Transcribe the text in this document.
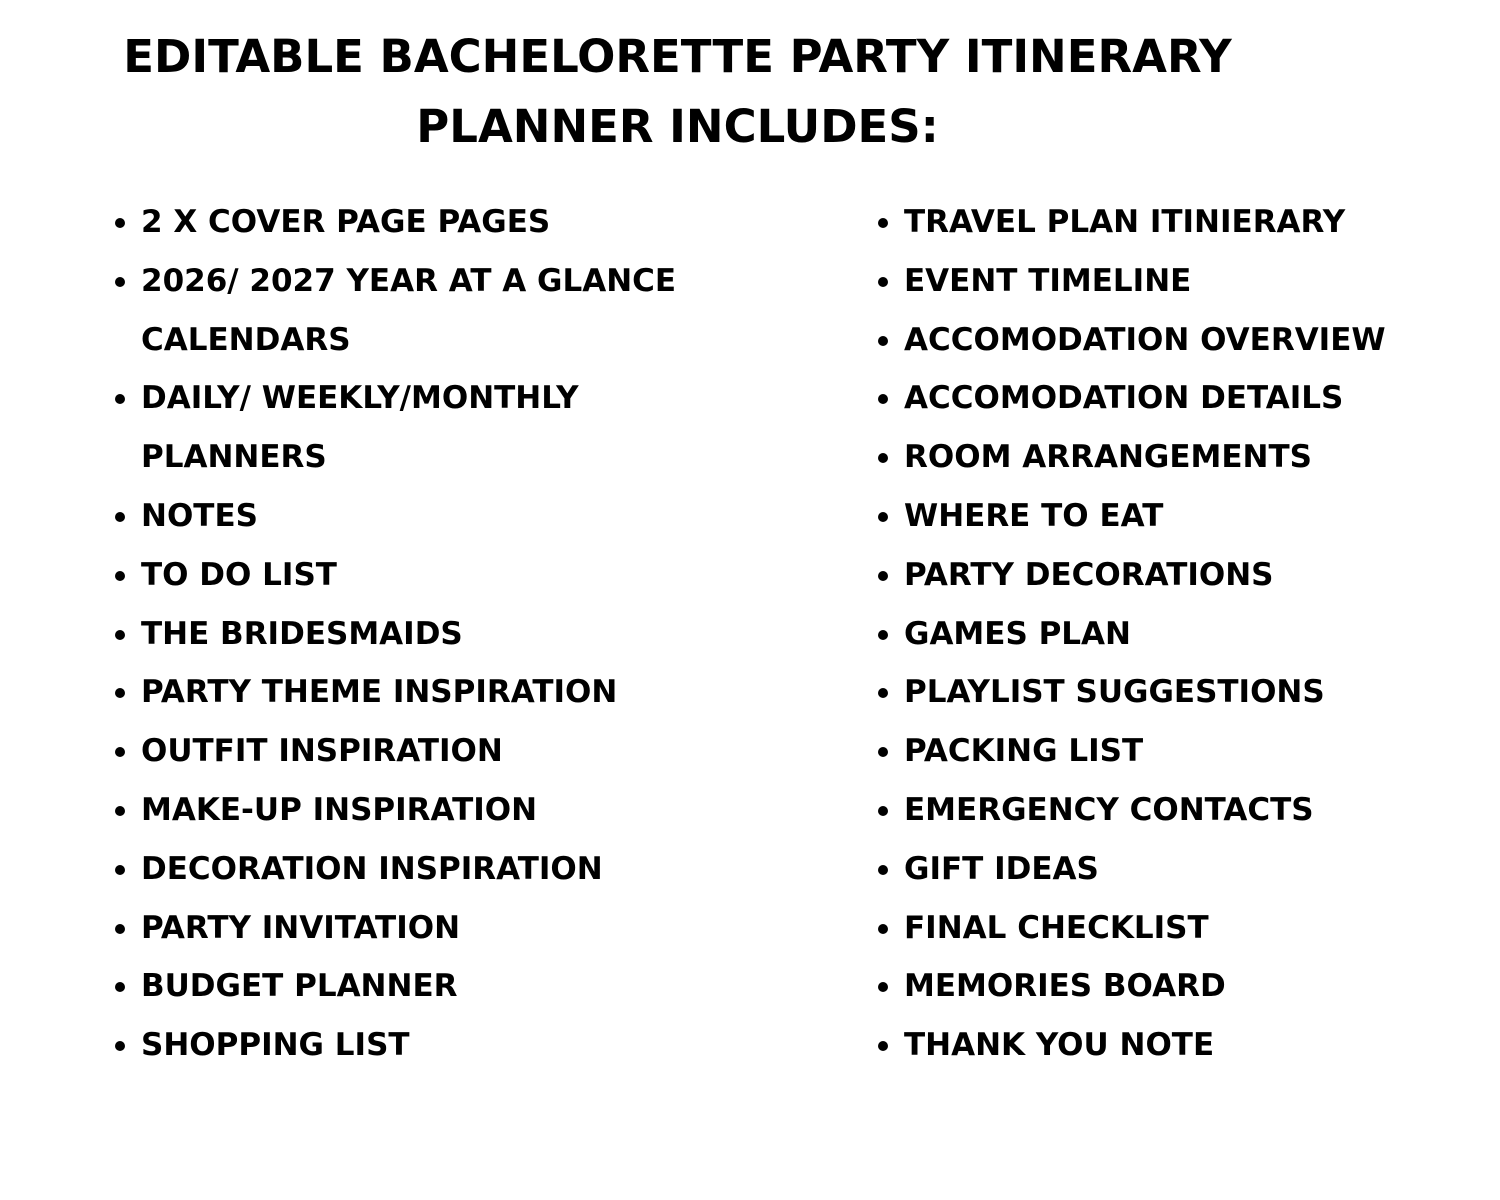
EDITABLE BACHELORETTE PARTY ITINERARY
PLANNER INCLUDES:
2 X COVER PAGE PAGES
2026/ 2027 YEAR AT A GLANCE CALENDARS
DAILY/ WEEKLY/MONTHLY PLANNERS
NOTES
TO DO LIST
THE BRIDESMAIDS
PARTY THEME INSPIRATION
OUTFIT INSPIRATION
MAKE-UP INSPIRATION
DECORATION INSPIRATION
PARTY INVITATION
BUDGET PLANNER
SHOPPING LIST
TRAVEL PLAN ITINIERARY
EVENT TIMELINE
ACCOMODATION OVERVIEW
ACCOMODATION DETAILS
ROOM ARRANGEMENTS
WHERE TO EAT
PARTY DECORATIONS
GAMES PLAN
PLAYLIST SUGGESTIONS
PACKING LIST
EMERGENCY CONTACTS
GIFT IDEAS
FINAL CHECKLIST
MEMORIES BOARD
THANK YOU NOTE
